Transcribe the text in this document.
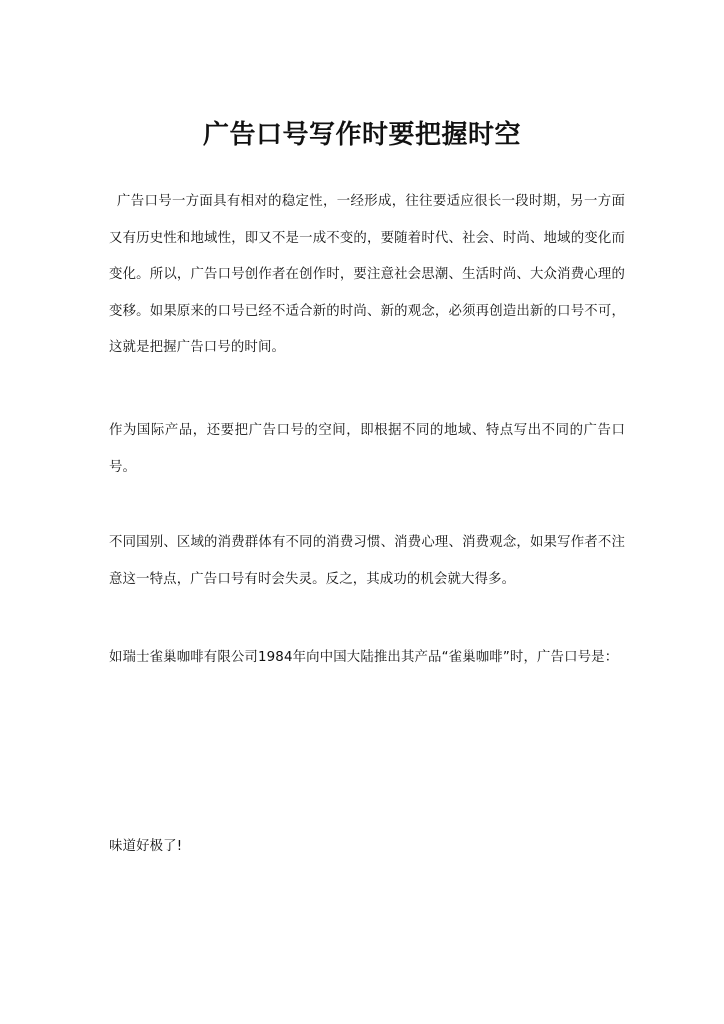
广告口号写作时要把握时空

广告口号一方面具有相对的稳定性，一经形成，往往要适应很长一段时期，另一方面又有历史性和地域性，即又不是一成不变的，要随着时代、社会、时尚、地域的变化而变化。所以，广告口号创作者在创作时，要注意社会思潮、生活时尚、大众消费心理的变移。如果原来的口号已经不适合新的时尚、新的观念，必须再创造出新的口号不可，这就是把握广告口号的时间。

作为国际产品，还要把广告口号的空间，即根据不同的地域、特点写出不同的广告口号。

不同国别、区域的消费群体有不同的消费习惯、消费心理、消费观念，如果写作者不注意这一特点，广告口号有时会失灵。反之，其成功的机会就大得多。

如瑞士雀巢咖啡有限公司1984年向中国大陆推出其产品“雀巢咖啡”时，广告口号是：

味道好极了!
